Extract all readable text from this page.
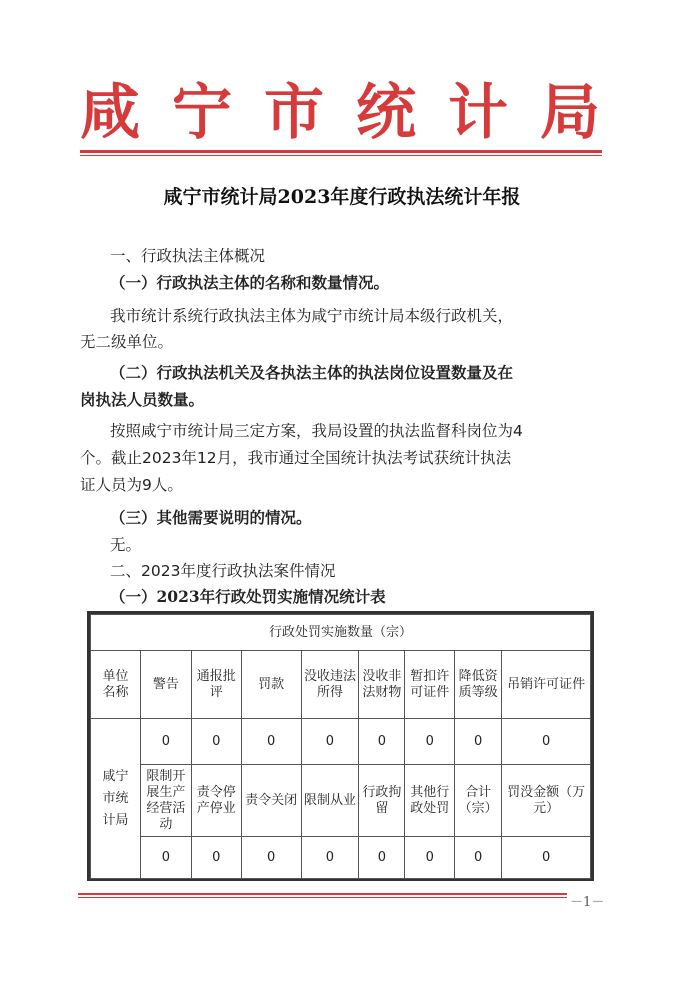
咸 宁 市 统 计 局
咸宁市统计局2023年度行政执法统计年报
一、行政执法主体概况
（一）行政执法主体的名称和数量情况。
我市统计系统行政执法主体为咸宁市统计局本级行政机关，
无二级单位。
（二）行政执法机关及各执法主体的执法岗位设置数量及在
岗执法人员数量。
按照咸宁市统计局三定方案，我局设置的执法监督科岗位为4
个。截止2023年12月，我市通过全国统计执法考试获统计执法
证人员为9人。
（三）其他需要说明的情况。
无。
二、2023年度行政执法案件情况
（一）2023年行政处罚实施情况统计表
行政处罚实施数量（宗）								

单位
名称	警告	通报批评	罚款	没收违法所得	没收非法财物	暂扣许可证件	降低资质等级	吊销许可证件

咸宁
市统
计局	0	0	0	0	0	0	0	0
	限制开展生产经营活动	责令停产停业	责令关闭	限制从业	行政拘留	其他行政处罚	合计（宗）	罚没金额（万元）
	0	0	0	0	0	0	0	0
－1－
